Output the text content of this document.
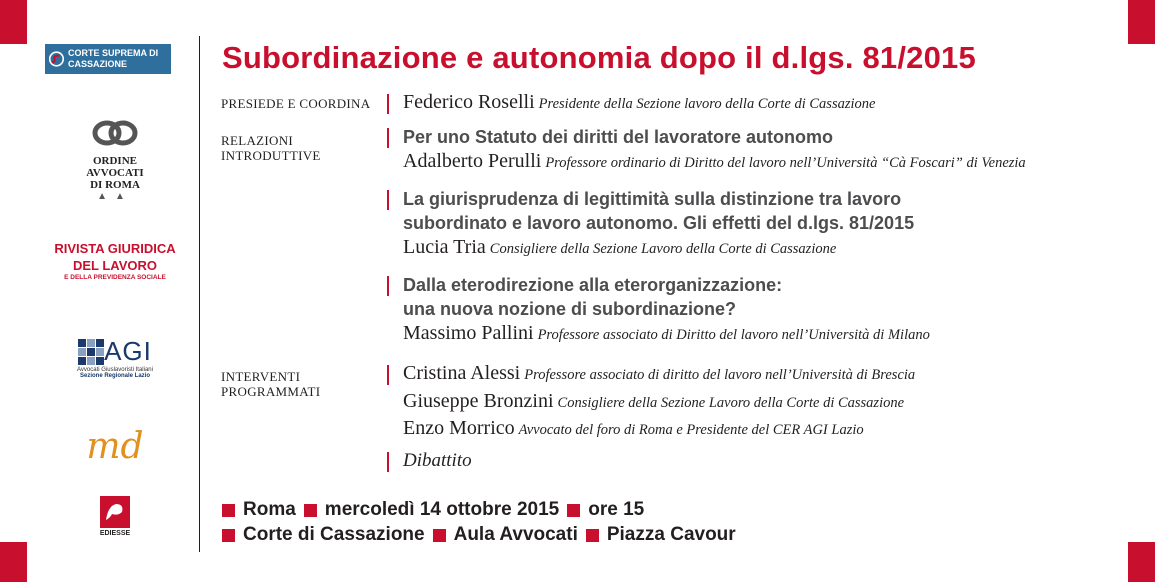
CORTE SUPREMA DI CASSAZIONE
ORDINE
AVVOCATI
DI ROMA
▲▲
RIVISTA GIURIDICA
DEL LAVORO
E DELLA PREVIDENZA SOCIALE
AGI
Avvocati Giuslavoristi Italiani
Sezione Regionale Lazio
md
EDIESSE
Subordinazione e autonomia dopo il d.lgs. 81/2015
PRESIEDE E COORDINA
RELAZIONI
INTRODUTTIVE
INTERVENTI
PROGRAMMATI
Federico Roselli Presidente della Sezione lavoro della Corte di Cassazione
Per uno Statuto dei diritti del lavoratore autonomo
Adalberto Perulli Professore ordinario di Diritto del lavoro nell’Università “Cà Foscari” di Venezia
La giurisprudenza di legittimità sulla distinzione tra lavoro
subordinato e lavoro autonomo. Gli effetti del d.lgs. 81/2015
Lucia Tria Consigliere della Sezione Lavoro della Corte di Cassazione
Dalla eterodirezione alla eterorganizzazione:
una nuova nozione di subordinazione?
Massimo Pallini Professore associato di Diritto del lavoro nell’Università di Milano
Cristina Alessi Professore associato di diritto del lavoro nell’Università di Brescia
Giuseppe Bronzini Consigliere della Sezione Lavoro della Corte di Cassazione
Enzo Morrico Avvocato del foro di Roma e Presidente del CER AGI Lazio
Dibattito
Roma mercoledì 14 ottobre 2015 ore 15
Corte di Cassazione Aula Avvocati Piazza Cavour
